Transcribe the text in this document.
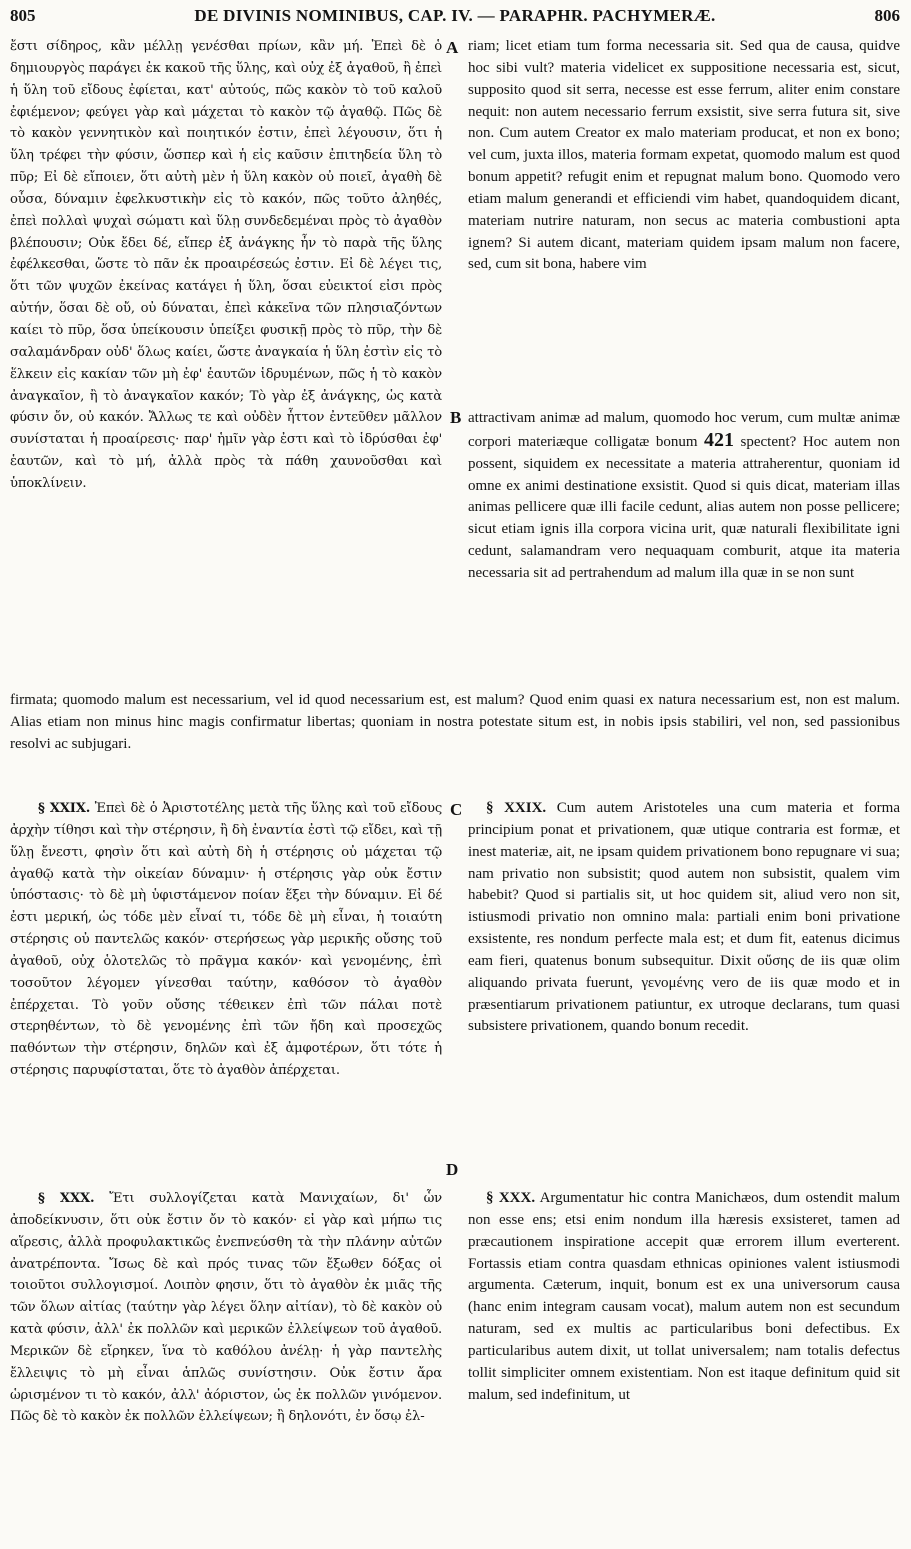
805	DE DIVINIS NOMINIBUS, CAP. IV. — PARAPHR. PACHYMERÆ.	806
ἔστι σίδηρος, κἂν μέλλῃ γενέσθαι πρίων, κἂν μή. Ἐπεὶ δὲ ὁ δημιουργὸς παράγει ἐκ κακοῦ τῆς ὕλης, καὶ οὐχ ἐξ ἀγαθοῦ, ἢ ἐπεὶ ἡ ὕλη τοῦ εἴδους ἐφίεται, κατ' αὐτούς, πῶς κακὸν τὸ τοῦ καλοῦ ἐφιέμενον; φεύγει γὰρ καὶ μάχεται τὸ κακὸν τῷ ἀγαθῷ. Πῶς δὲ τὸ κακὸν γεννητικὸν καὶ ποιητικόν ἐστιν, ἐπεὶ λέγουσιν, ὅτι ἡ ὕλη τρέφει τὴν φύσιν, ὥσπερ καὶ ἡ εἰς καῦσιν ἐπιτηδεία ὕλη τὸ πῦρ; Εἰ δὲ εἴποιεν, ὅτι αὐτὴ μὲν ἡ ὕλη κακὸν οὐ ποιεῖ, ἀγαθὴ δὲ οὖσα, δύναμιν ἐφελκυστικὴν εἰς τὸ κακόν, πῶς τοῦτο ἀληθές, ἐπεὶ πολλαὶ ψυχαὶ σώματι καὶ ὕλῃ συνδεδεμέναι πρὸς τὸ ἀγαθὸν βλέπουσιν; Οὐκ ἔδει δέ, εἴπερ ἐξ ἀνάγκης ἦν τὸ παρὰ τῆς ὕλης ἐφέλκεσθαι, ὥστε τὸ πᾶν ἐκ προαιρέσεώς ἐστιν. Εἰ δὲ λέγει τις, ὅτι τῶν ψυχῶν ἐκείνας κατάγει ἡ ὕλη, ὅσαι εὐεικτοί εἰσι πρὸς αὐτήν, ὅσαι δὲ οὔ, οὐ δύναται, ἐπεὶ κἀκεῖνα τῶν πλησιαζόντων καίει τὸ πῦρ, ὅσα ὑπείκουσιν ὑπείξει φυσικῇ πρὸς τὸ πῦρ, τὴν δὲ σαλαμάνδραν οὐδ' ὅλως καίει, ὥστε ἀναγκαία ἡ ὕλη ἐστὶν εἰς τὸ ἕλκειν εἰς κακίαν τῶν μὴ ἐφ' ἑαυτῶν ἱδρυμένων, πῶς ἡ τὸ κακὸν ἀναγκαῖον, ἢ τὸ ἀναγκαῖον κακόν; Τὸ γὰρ ἐξ ἀνάγκης, ὡς κατὰ φύσιν ὄν, οὐ κακόν. Ἄλλως τε καὶ οὐδὲν ἧττον ἐντεῦθεν μᾶλλον συνίσταται ἡ προαίρεσις· παρ' ἡμῖν γὰρ ἐστι καὶ τὸ ἱδρύσθαι ἐφ' ἑαυτῶν, καὶ τὸ μή, ἀλλὰ πρὸς τὰ πάθη χαυνοῦσθαι καὶ ὑποκλίνειν.
A riam; licet etiam tum forma necessaria sit. Sed qua de causa, quidve hoc sibi vult? materia videlicet ex suppositione necessaria est, sicut, supposito quod sit serra, necesse est esse ferrum, aliter enim constare nequit: non autem necessario ferrum exsistit, sive serra futura sit, sive non. Cum autem Creator ex malo materiam producat, et non ex bono; vel cum, juxta illos, materia formam expetat, quomodo malum est quod bonum appetit? refugit enim et repugnat malum bono. Quomodo vero etiam malum generandi et efficiendi vim habet, quandoquidem dicant, materiam nutrire naturam, non secus ac materia combustioni apta ignem? Si autem dicant, materiam quidem ipsam malum non facere, sed, cum sit bona, habere vim
B attractivam animæ ad malum, quomodo hoc verum, cum multæ animæ corpori materiæque colligatæ bonum 421 spectent? Hoc autem non possent, siquidem ex necessitate a materia attraherentur, quoniam id omne ex animi destinatione exsistit. Quod si quis dicat, materiam illas animas pellicere quæ illi facile cedunt, alias autem non posse pellicere; sicut etiam ignis illa corpora vicina urit, quæ naturali flexibilitate igni cedunt, salamandram vero nequaquam comburit, atque ita materia necessaria sit ad pertrahendum ad malum illa quæ in se non sunt
firmata; quomodo malum est necessarium, vel id quod necessarium est, est malum? Quod enim quasi ex natura necessarium est, non est malum. Alias etiam non minus hinc magis confirmatur libertas; quoniam in nostra potestate situm est, in nobis ipsis stabiliri, vel non, sed passionibus resolvi ac subjugari.
§ XXIX. Ἐπεὶ δὲ ὁ Ἀριστοτέλης μετὰ τῆς ὕλης καὶ τοῦ εἴδους ἀρχὴν τίθησι καὶ τὴν στέρησιν, ἢ δὴ ἐναντία ἐστὶ τῷ εἴδει, καὶ τῇ ὕλῃ ἔνεστι, φησὶν ὅτι καὶ αὐτὴ δὴ ἡ στέρησις οὐ μάχεται τῷ ἀγαθῷ κατὰ τὴν οἰκείαν δύναμιν· ἡ στέρησις γὰρ οὐκ ἔστιν ὑπόστασις· τὸ δὲ μὴ ὑφιστάμενον ποίαν ἕξει τὴν δύναμιν. Εἰ δέ ἐστι μερική, ὡς τόδε μὲν εἶναί τι, τόδε δὲ μὴ εἶναι, ἡ τοιαύτη στέρησις οὐ παντελῶς κακόν· στερήσεως γὰρ μερικῆς οὔσης τοῦ ἀγαθοῦ, οὐχ ὁλοτελῶς τὸ πρᾶγμα κακόν· καὶ γενομένης, ἐπὶ τοσοῦτον λέγομεν γίνεσθαι ταύτην, καθόσον τὸ ἀγαθὸν ἐπέρχεται. Τὸ γοῦν οὔσης τέθεικεν ἐπὶ τῶν πάλαι ποτὲ στερηθέντων, τὸ δὲ γενομένης ἐπὶ τῶν ἤδη καὶ προσεχῶς παθόντων τὴν στέρησιν, δηλῶν καὶ ἐξ ἀμφοτέρων, ὅτι τότε ἡ στέρησις παρυφίσταται, ὅτε τὸ ἀγαθὸν ἀπέρχεται.
C	§ XXIX. Cum autem Aristoteles una cum materia et forma principium ponat et privationem, quæ utique contraria est formæ, et inest materiæ, ait, ne ipsam quidem privationem bono repugnare vi sua; nam privatio non subsistit; quod autem non subsistit, qualem vim habebit? Quod si partialis sit, ut hoc quidem sit, aliud vero non sit, istiusmodi privatio non omnino mala: partiali enim boni privatione exsistente, res nondum perfecte mala est; et dum fit, eatenus dicimus eam fieri, quatenus bonum subsequitur. Dixit οὔσης de iis quæ olim aliquando privata fuerunt, γενομένης vero de iis quæ modo et in præsentiarum privationem patiuntur, ex utroque declarans, tum quasi subsistere privationem, quando bonum recedit.
D
§ XXX. Ἔτι συλλογίζεται κατὰ Μανιχαίων, δι' ὧν ἀποδείκνυσιν, ὅτι οὐκ ἔστιν ὄν τὸ κακόν· εἰ γὰρ καὶ μήπω τις αἵρεσις, ἀλλὰ προφυλακτικῶς ἐνεπνεύσθη τὰ τὴν πλάνην αὐτῶν ἀνατρέποντα. Ἴσως δὲ καὶ πρός τινας τῶν ἔξωθεν δόξας οἱ τοιοῦτοι συλλογισμοί. Λοιπὸν φησιν, ὅτι τὸ ἀγαθὸν ἐκ μιᾶς τῆς τῶν ὅλων αἰτίας (ταύτην γὰρ λέγει ὅλην αἰτίαν), τὸ δὲ κακὸν οὐ κατὰ φύσιν, ἀλλ' ἐκ πολλῶν καὶ μερικῶν ἐλλείψεων τοῦ ἀγαθοῦ. Μερικῶν δὲ εἴρηκεν, ἵνα τὸ καθόλου ἀνέλῃ· ἡ γὰρ παντελὴς ἔλλειψις τὸ μὴ εἶναι ἁπλῶς συνίστησιν. Οὐκ ἔστιν ἄρα ὡρισμένον τι τὸ κακόν, ἀλλ' ἀόριστον, ὡς ἐκ πολλῶν γινόμενον. Πῶς δὲ τὸ κακὸν ἐκ πολλῶν ἐλλείψεων; ἢ δηλονότι, ἐν ὅσῳ ἐλ-
§ XXX. Argumentatur hic contra Manichæos, dum ostendit malum non esse ens; etsi enim nondum illa hæresis exsisteret, tamen ad præcautionem inspiratione accepit quæ errorem illum everterent. Fortassis etiam contra quasdam ethnicas opiniones valent istiusmodi argumenta. Cæterum, inquit, bonum est ex una universorum causa (hanc enim integram causam vocat), malum autem non est secundum naturam, sed ex multis ac particularibus boni defectibus. Ex particularibus autem dixit, ut tollat universalem; nam totalis defectus tollit simpliciter omnem existentiam. Non est itaque definitum quid sit malum, sed indefinitum, ut
